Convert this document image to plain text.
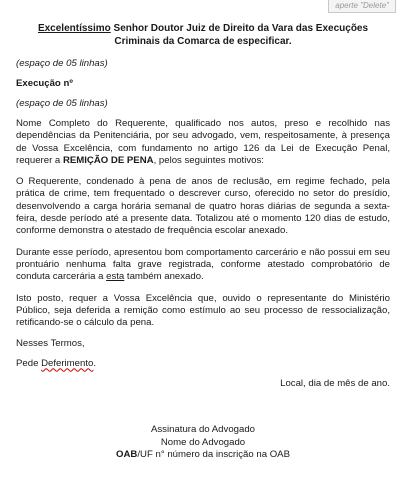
aperte "Delete"
Excelentíssimo Senhor Doutor Juiz de Direito da Vara das Execuções Criminais da Comarca de especificar.
(espaço de 05 linhas)
Execução nº
(espaço de 05 linhas)

Nome Completo do Requerente, qualificado nos autos, preso e recolhido nas dependências da Penitenciária, por seu advogado, vem, respeitosamente, à presença de Vossa Excelência, com fundamento no artigo 126 da Lei de Execução Penal, requerer a REMIÇÃO DE PENA, pelos seguintes motivos:

O Requerente, condenado à pena de anos de reclusão, em regime fechado, pela prática de crime, tem frequentado o descrever curso, oferecido no setor do presídio, desenvolvendo a carga horária semanal de quatro horas diárias de segunda a sexta-feira, desde período até a presente data. Totalizou até o momento 120 dias de estudo, conforme demonstra o atestado de frequência escolar anexado.

Durante esse período, apresentou bom comportamento carcerário e não possui em seu prontuário nenhuma falta grave registrada, conforme atestado comprobatório de conduta carcerária a esta também anexado.

Isto posto, requer a Vossa Excelência que, ouvido o representante do Ministério Público, seja deferida a remição como estímulo ao seu processo de ressocialização, retificando-se o cálculo da pena.

Nesses Termos,
Pede Deferimento.
Local, dia de mês de ano.
Assinatura do Advogado
Nome do Advogado
OAB/UF n° número da inscrição na OAB
